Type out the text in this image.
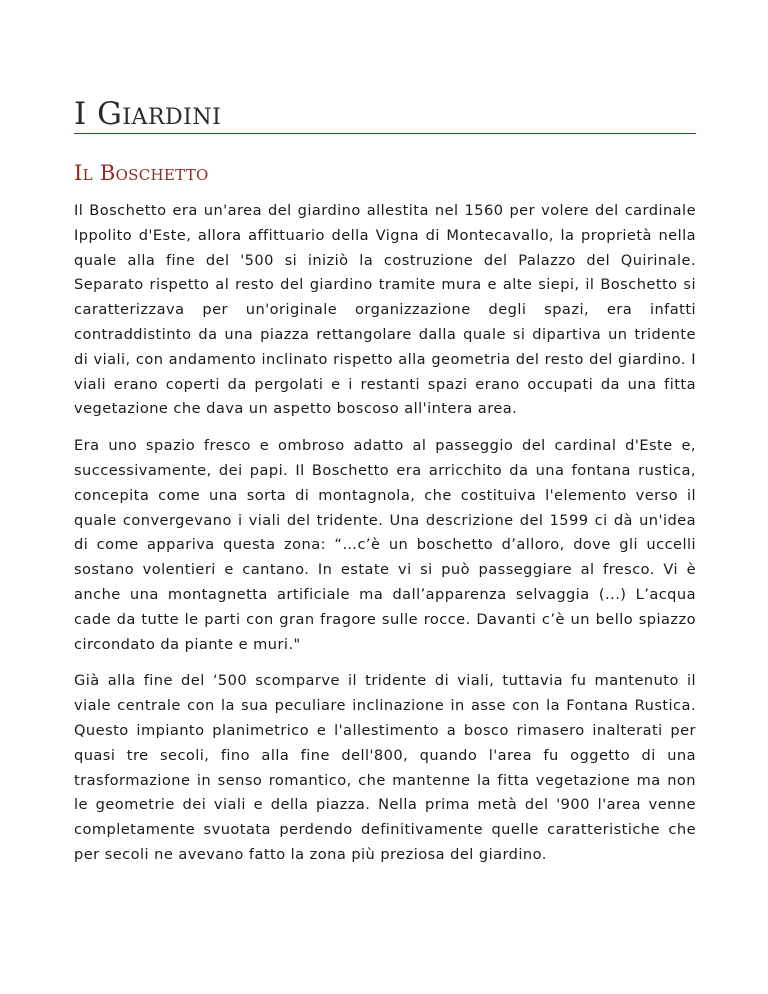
I Giardini
Il Boschetto

Il Boschetto era un'area del giardino allestita nel 1560 per volere del cardinale Ippolito d'Este, allora affittuario della Vigna di Montecavallo, la proprietà nella quale alla fine del '500 si iniziò la costruzione del Palazzo del Quirinale. Separato rispetto al resto del giardino tramite mura e alte siepi, il Boschetto si caratterizzava per un'originale organizzazione degli spazi, era infatti contraddistinto da una piazza rettangolare dalla quale si dipartiva un tridente di viali, con andamento inclinato rispetto alla geometria del resto del giardino. I viali erano coperti da pergolati e i restanti spazi erano occupati da una fitta vegetazione che dava un aspetto boscoso all'intera area.

Era uno spazio fresco e ombroso adatto al passeggio del cardinal d'Este e, successivamente, dei papi. Il Boschetto era arricchito da una fontana rustica, concepita come una sorta di montagnola, che costituiva l'elemento verso il quale convergevano i viali del tridente. Una descrizione del 1599 ci dà un'idea di come appariva questa zona: “…c’è un boschetto d’alloro, dove gli uccelli sostano volentieri e cantano. In estate vi si può passeggiare al fresco. Vi è anche una montagnetta artificiale ma dall’apparenza selvaggia (...) L’acqua cade da tutte le parti con gran fragore sulle rocce. Davanti c’è un bello spiazzo circondato da piante e muri."

Già alla fine del ‘500 scomparve il tridente di viali, tuttavia fu mantenuto il viale centrale con la sua peculiare inclinazione in asse con la Fontana Rustica. Questo impianto planimetrico e l'allestimento a bosco rimasero inalterati per quasi tre secoli, fino alla fine dell'800, quando l'area fu oggetto di una trasformazione in senso romantico, che mantenne la fitta vegetazione ma non le geometrie dei viali e della piazza. Nella prima metà del '900 l'area venne completamente svuotata perdendo definitivamente quelle caratteristiche che per secoli ne avevano fatto la zona più preziosa del giardino.
